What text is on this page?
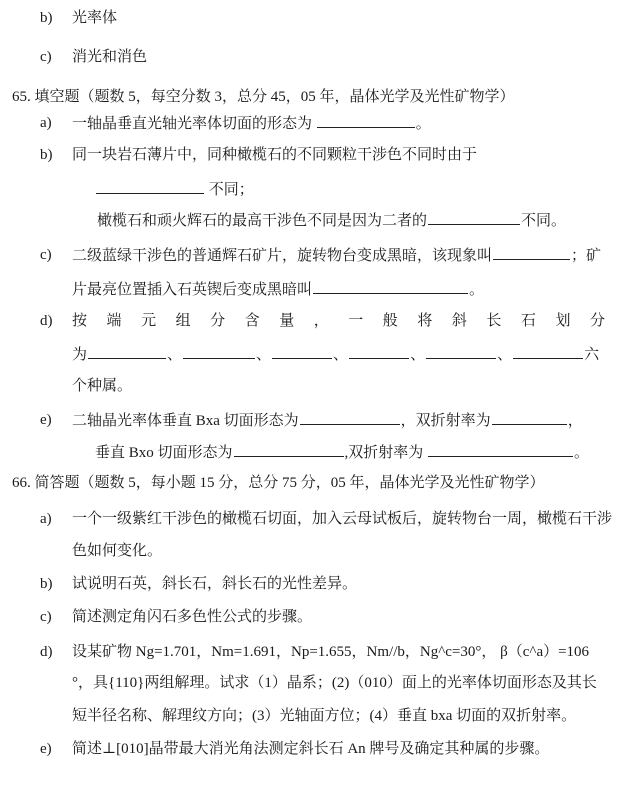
b) 光率体
c) 消光和消色
65. 填空题（题数 5，每空分数 3，总分 45，05 年，晶体光学及光性矿物学）
a) 一轴晶垂直光轴光率体切面的形态为	。
b) 同一块岩石薄片中，同种橄榄石的不同颗粒干涉色不同时由于
不同；
橄榄石和顽火辉石的最高干涉色不同是因为二者的	不同。
c) 二级蓝绿干涉色的普通辉石矿片，旋转物台变成黑暗，该现象叫	；矿
片最亮位置插入石英锲后变成黑暗叫	。
d) 按 端 元 组 分 含 量 ， 一 般 将 斜 长 石 划 分
为	、	、	、	、	、	六
个种属。
e) 二轴晶光率体垂直 Bxa 切面形态为	，双折射率为	，
垂直 Bxo 切面形态为	,双折射率为	。
66. 简答题（题数 5，每小题 15 分，总分 75 分，05 年，晶体光学及光性矿物学）
a) 一个一级紫红干涉色的橄榄石切面，加入云母试板后，旋转物台一周，橄榄石干涉
色如何变化。
b) 试说明石英，斜长石，斜长石的光性差异。
c) 简述测定角闪石多色性公式的步骤。
d) 设某矿物 Ng=1.701，Nm=1.691，Np=1.655，Nm//b，Ng^c=30°， β（c^a）=106
°，具{110}两组解理。试求（1）晶系；(2)（010）面上的光率体切面形态及其长
短半径名称、解理纹方向；(3）光轴面方位；(4）垂直 bxa 切面的双折射率。
e) 简述⊥[010]晶带最大消光角法测定斜长石 An 牌号及确定其种属的步骤。
